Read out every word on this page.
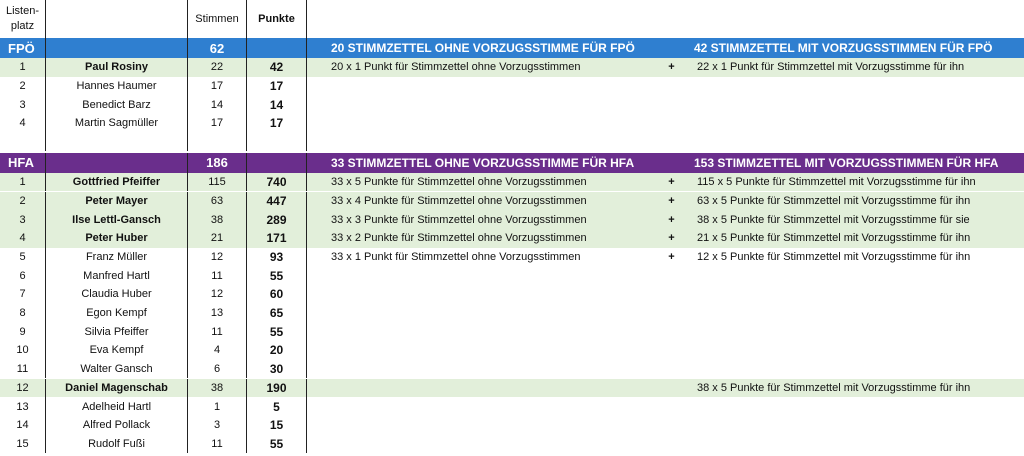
Listen-
platz
Stimmen	Punkte
FPÖ	62	20 STIMMZETTEL OHNE VORZUGSSTIMME FÜR FPÖ	42 STIMMZETTEL MIT VORZUGSSTIMMEN FÜR FPÖ
1	Paul Rosiny	22	42	20 x 1 Punkt für Stimmzettel ohne Vorzugsstimmen	+	22 x 1 Punkt für Stimmzettel mit Vorzugsstimme für ihn
2	Hannes Haumer	17	17
3	Benedict Barz	14	14
4	Martin Sagmüller	17	17
HFA	186	33 STIMMZETTEL OHNE VORZUGSSTIMME FÜR HFA	153 STIMMZETTEL MIT VORZUGSSTIMMEN FÜR HFA
1	Gottfried Pfeiffer	115	740	33 x 5 Punkte für Stimmzettel ohne Vorzugsstimmen	+	115 x 5 Punkte für Stimmzettel mit Vorzugsstimme für ihn
2	Peter Mayer	63	447	33 x 4 Punkte für Stimmzettel ohne Vorzugsstimmen	+	63 x 5 Punkte für Stimmzettel mit Vorzugsstimme für ihn
3	Ilse Lettl-Gansch	38	289	33 x 3 Punkte für Stimmzettel ohne Vorzugsstimmen	+	38 x 5 Punkte für Stimmzettel mit Vorzugsstimme für sie
4	Peter Huber	21	171	33 x 2 Punkte für Stimmzettel ohne Vorzugsstimmen	+	21 x 5 Punkte für Stimmzettel mit Vorzugsstimme für ihn
5	Franz Müller	12	93	33 x 1 Punkt für Stimmzettel ohne Vorzugsstimmen	+	12 x 5 Punkte für Stimmzettel mit Vorzugsstimme für ihn
6	Manfred Hartl	11	55
7	Claudia Huber	12	60
8	Egon Kempf	13	65
9	Silvia Pfeiffer	11	55
10	Eva Kempf	4	20
11	Walter Gansch	6	30
12	Daniel Magenschab	38	190	38 x 5 Punkte für Stimmzettel mit Vorzugsstimme für ihn
13	Adelheid Hartl	1	5
14	Alfred Pollack	3	15
15	Rudolf Fußi	11	55
